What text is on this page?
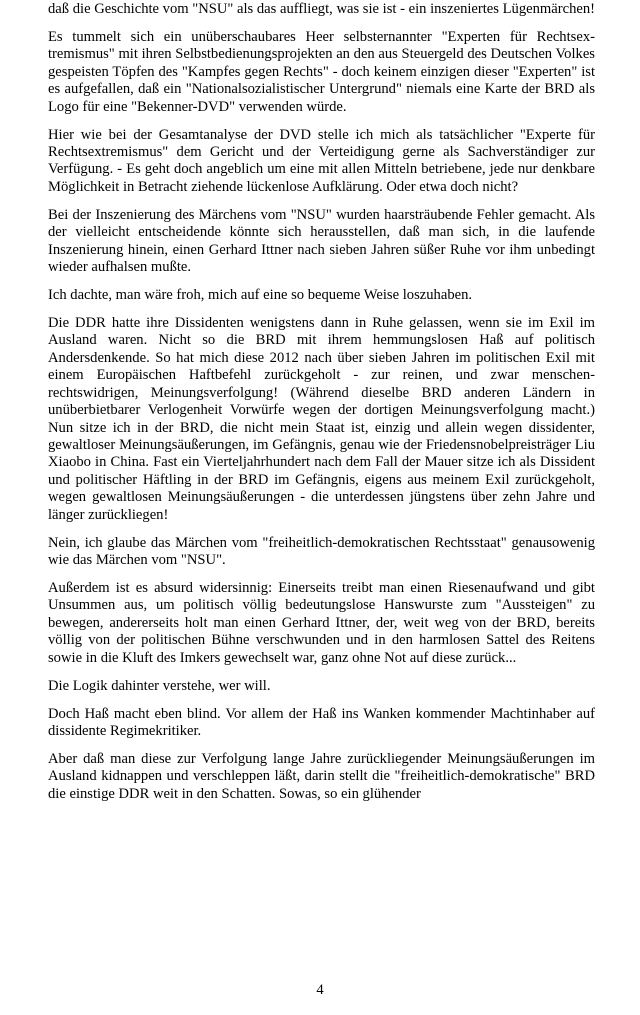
daß die Geschichte vom "NSU" als das auffliegt, was sie ist - ein inszeniertes Lügenmärchen!

Es tummelt sich ein unüberschaubares Heer selbsternannter "Experten für Rechtsextremismus" mit ihren Selbstbedienungsprojekten an den aus Steuergeld des Deutschen Volkes gespeisten Töpfen des "Kampfes gegen Rechts" - doch keinem einzigen dieser "Experten" ist es aufgefallen, daß ein "Nationalsozialistischer Untergrund" niemals eine Karte der BRD als Logo für eine "Bekenner-DVD" verwenden würde.

Hier wie bei der Gesamtanalyse der DVD stelle ich mich als tatsächlicher "Experte für Rechtsextremismus" dem Gericht und der Verteidigung gerne als Sachverständiger zur Verfügung. - Es geht doch angeblich um eine mit allen Mitteln betriebene, jede nur denkbare Möglichkeit in Betracht ziehende lückenlose Aufklärung. Oder etwa doch nicht?

Bei der Inszenierung des Märchens vom "NSU" wurden haarsträubende Fehler gemacht. Als der vielleicht entscheidende könnte sich herausstellen, daß man sich, in die laufende Inszenierung hinein, einen Gerhard Ittner nach sieben Jahren süßer Ruhe vor ihm unbedingt wieder aufhalsen mußte.

Ich dachte, man wäre froh, mich auf eine so bequeme Weise loszuhaben.

Die DDR hatte ihre Dissidenten wenigstens dann in Ruhe gelassen, wenn sie im Exil im Ausland waren. Nicht so die BRD mit ihrem hemmungslosen Haß auf politisch Andersdenkende. So hat mich diese 2012 nach über sieben Jahren im politischen Exil mit einem Europäischen Haftbefehl zurückgeholt - zur reinen, und zwar menschenrechtswidrigen, Meinungsverfolgung! (Während dieselbe BRD anderen Ländern in unüberbietbarer Verlogenheit Vorwürfe wegen der dortigen Meinungsverfolgung macht.) Nun sitze ich in der BRD, die nicht mein Staat ist, einzig und allein wegen dissidenter, gewaltloser Meinungsäußerungen, im Gefängnis, genau wie der Friedensnobelpreisträger Liu Xiaobo in China. Fast ein Vierteljahrhundert nach dem Fall der Mauer sitze ich als Dissident und politischer Häftling in der BRD im Gefängnis, eigens aus meinem Exil zurückgeholt, wegen gewaltlosen Meinungsäußerungen - die unterdessen jüngstens über zehn Jahre und länger zurückliegen!

Nein, ich glaube das Märchen vom "freiheitlich-demokratischen Rechtsstaat" genausowenig wie das Märchen vom "NSU".

Außerdem ist es absurd widersinnig: Einerseits treibt man einen Riesenaufwand und gibt Unsummen aus, um politisch völlig bedeutungslose Hanswurste zum "Aussteigen" zu bewegen, andererseits holt man einen Gerhard Ittner, der, weit weg von der BRD, bereits völlig von der politischen Bühne verschwunden und in den harmlosen Sattel des Reitens sowie in die Kluft des Imkers gewechselt war, ganz ohne Not auf diese zurück...

Die Logik dahinter verstehe, wer will.

Doch Haß macht eben blind. Vor allem der Haß ins Wanken kommender Machtinhaber auf dissidente Regimekritiker.

Aber daß man diese zur Verfolgung lange Jahre zurückliegender Meinungsäußerungen im Ausland kidnappen und verschleppen läßt, darin stellt die "freiheitlich-demokratische" BRD die einstige DDR weit in den Schatten. Sowas, so ein glühender

4
